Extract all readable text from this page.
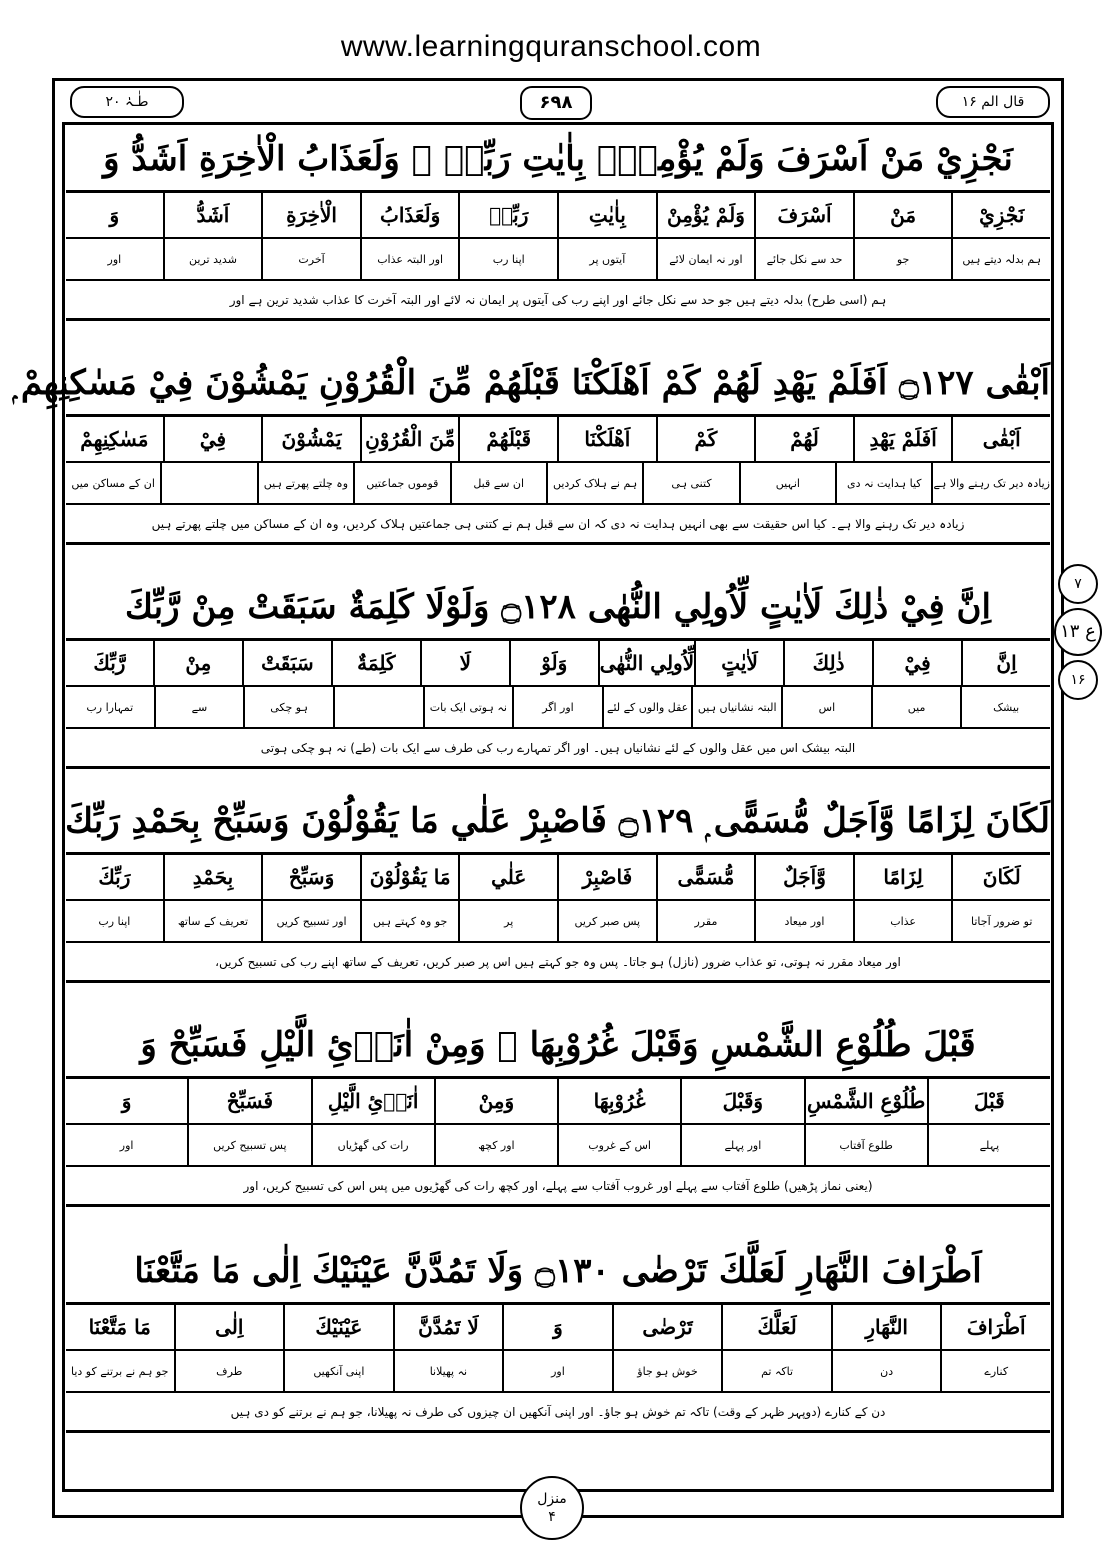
www.learningquranschool.com
طٰـہٰ ۲۰	۶۹۸	قال الم ۱۶
نَجْزِيْ مَنْ اَسْرَفَ وَلَمْ يُؤْمِنْۢ بِاٰيٰتِ رَبِّهٖ ۭ وَلَعَذَابُ الْاٰخِرَةِ اَشَدُّ وَ
نَجْزِيْ
مَنْ
اَسْرَفَ
وَلَمْ يُؤْمِنْ
بِاٰيٰتِ
رَبِّهٖ
وَلَعَذَابُ
الْاٰخِرَةِ
اَشَدُّ
وَ
ہم بدلہ دیتے ہیں
جو
حد سے نکل جائے
اور نہ ایمان لائے
آیتوں پر
اپنا رب
اور البتہ عذاب
آخرت
شدید ترین
اور
ہم (اسی طرح) بدلہ دیتے ہیں جو حد سے نکل جائے اور اپنے رب کی آیتوں پر ایمان نہ لائے اور البتہ آخرت کا عذاب شدید ترین ہے اور
اَبْقٰى ۝۱۲۷ اَفَلَمْ يَهْدِ لَهُمْ كَمْ اَهْلَكْنَا قَبْلَهُمْ مِّنَ الْقُرُوْنِ يَمْشُوْنَ فِيْ مَسٰكِنِهِمْ ۭ
اَبْقٰى
اَفَلَمْ يَهْدِ
لَهُمْ
كَمْ
اَهْلَكْنَا
قَبْلَهُمْ
مِّنَ الْقُرُوْنِ
يَمْشُوْنَ
فِيْ
مَسٰكِنِهِمْ
زیادہ دیر تک رہنے والا ہے
کیا ہدایت نہ دی
انہیں
کتنی ہی
ہم نے ہلاک کردیں
ان سے قبل
قوموں جماعتیں
وہ چلتے پھرتے ہیں
ان کے مساکن میں
زیادہ دیر تک رہنے والا ہے۔ کیا اس حقیقت سے بھی انہیں ہدایت نہ دی کہ ان سے قبل ہم نے کتنی ہی جماعتیں ہلاک کردیں، وہ ان کے مساکن میں چلتے پھرتے ہیں
اِنَّ فِيْ ذٰلِكَ لَاٰيٰتٍ لِّاُولِي النُّهٰى ۝۱۲۸ وَلَوْلَا كَلِمَةٌ سَبَقَتْ مِنْ رَّبِّكَ
اِنَّ
فِيْ
ذٰلِكَ
لَاٰيٰتٍ
لِّاُولِي النُّهٰى
وَلَوْ
لَا
كَلِمَةٌ
سَبَقَتْ
مِنْ
رَّبِّكَ
بیشک
میں
اس
البتہ نشانیاں ہیں
عقل والوں کے لئے
اور اگر
نہ ہوتی ایک بات
ہو چکی
سے
تمہارا رب
البتہ بیشک اس میں عقل والوں کے لئے نشانیاں ہیں۔ اور اگر تمہارے رب کی طرف سے ایک بات (طے) نہ ہو چکی ہوتی
لَكَانَ لِزَامًا وَّاَجَلٌ مُّسَمًّى ۭ ۝۱۲۹ فَاصْبِرْ عَلٰي مَا يَقُوْلُوْنَ وَسَبِّحْ بِحَمْدِ رَبِّكَ
لَكَانَ
لِزَامًا
وَّاَجَلٌ
مُّسَمًّى
فَاصْبِرْ
عَلٰي
مَا يَقُوْلُوْنَ
وَسَبِّحْ
بِحَمْدِ
رَبِّكَ
تو ضرور آجاتا
عذاب
اور میعاد
مقرر
پس صبر کریں
پر
جو وہ کہتے ہیں
اور تسبیح کریں
تعریف کے ساتھ
اپنا رب
اور میعاد مقرر نہ ہوتی، تو عذاب ضرور (نازل) ہو جاتا۔ پس وہ جو کہتے ہیں اس پر صبر کریں، تعریف کے ساتھ اپنے رب کی تسبیح کریں،
قَبْلَ طُلُوْعِ الشَّمْسِ وَقَبْلَ غُرُوْبِهَا ۚ وَمِنْ اٰنَاۗئِ الَّيْلِ فَسَبِّحْ وَ
قَبْلَ
طُلُوْعِ الشَّمْسِ
وَقَبْلَ
غُرُوْبِهَا
وَمِنْ
اٰنَاۗئِ الَّيْلِ
فَسَبِّحْ
وَ
پہلے
طلوع آفتاب
اور پہلے
اس کے غروب
اور کچھ
رات کی گھڑیاں
پس تسبیح کریں
اور
(یعنی نماز پڑھیں) طلوع آفتاب سے پہلے اور غروب آفتاب سے پہلے، اور کچھ رات کی گھڑیوں میں پس اس کی تسبیح کریں، اور
اَطْرَافَ النَّهَارِ لَعَلَّكَ تَرْضٰى ۝۱۳۰ وَلَا تَمُدَّنَّ عَيْنَيْكَ اِلٰى مَا مَتَّعْنَا
اَطْرَافَ
النَّهَارِ
لَعَلَّكَ
تَرْضٰى
وَ
لَا تَمُدَّنَّ
عَيْنَيْكَ
اِلٰى
مَا مَتَّعْنَا
کنارے
دن
تاکہ تم
خوش ہو جاؤ
اور
نہ پھیلانا
اپنی آنکھیں
طرف
جو ہم نے برتنے کو دیا
دن کے کنارے (دوپہر ظہر کے وقت) تاکہ تم خوش ہو جاؤ۔ اور اپنی آنکھیں ان چیزوں کی طرف نہ پھیلانا، جو ہم نے برتنے کو دی ہیں
۷
ع ۱۳
۱۶
منزل
۴
